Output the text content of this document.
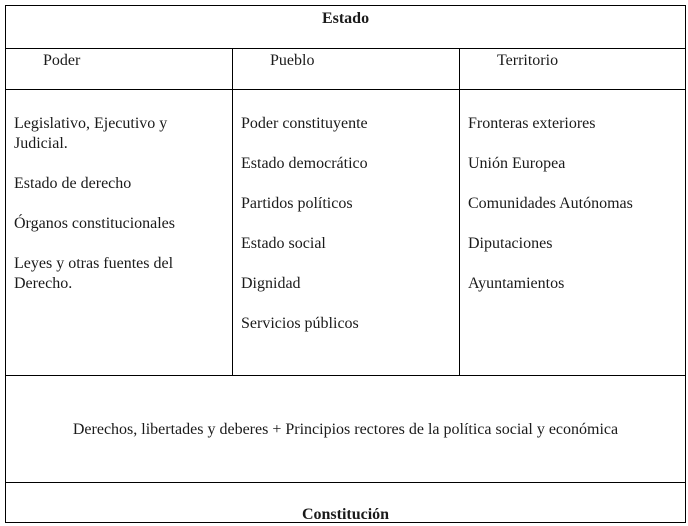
Estado
Poder	Pueblo	Territorio

Legislativo, Ejecutivo y Judicial.

Estado de derecho

Órganos constitucionales

Leyes y otras fuentes del Derecho.

Poder constituyente

Estado democrático

Partidos políticos

Estado social

Dignidad

Servicios públicos

Fronteras exteriores

Unión Europea

Comunidades Autónomas

Diputaciones

Ayuntamientos

Derechos, libertades y deberes + Principios rectores de la política social y económica
Constitución
